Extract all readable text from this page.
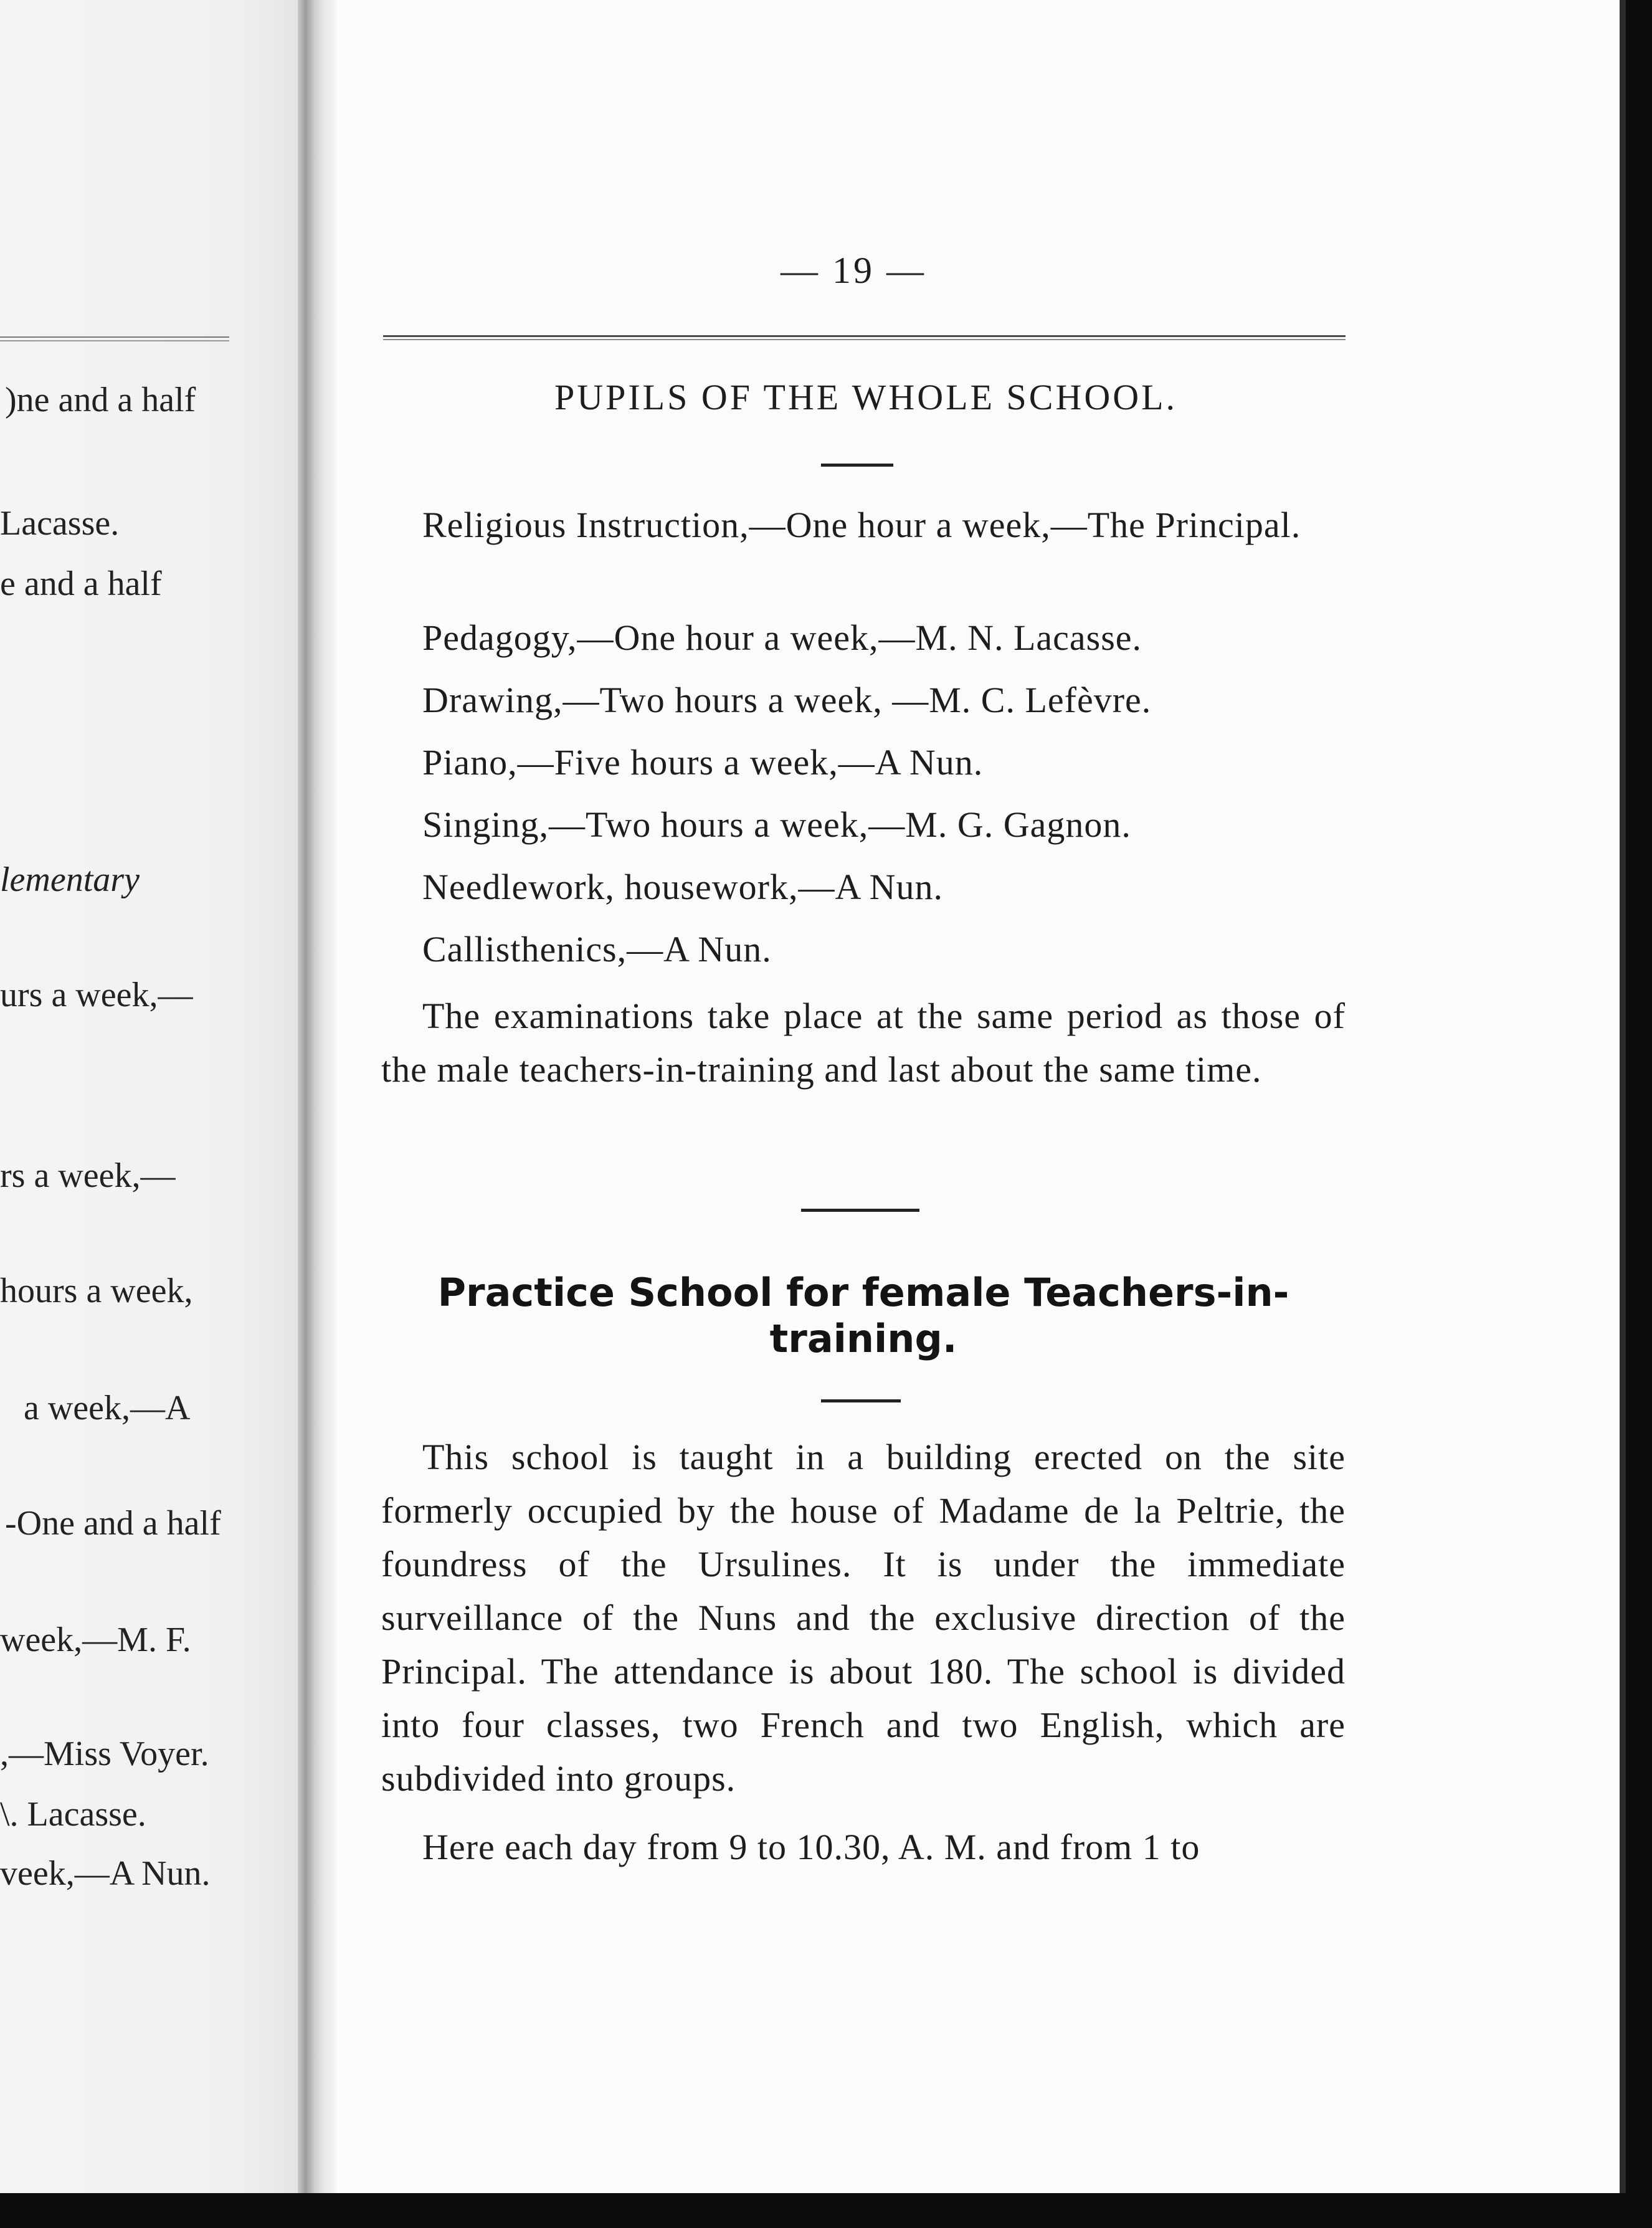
)ne and a half
Lacasse.
e and a half
lementary
urs a week,—
rs a week,—
hours a week,
a week,—A
-One and a half
week,—M. F.
,—Miss Voyer.
\. Lacasse.
veek,—A Nun.
— 19 —
PUPILS OF THE WHOLE SCHOOL.

Religious Instruction,—One hour a week,—The Principal.

Pedagogy,—One hour a week,—M. N. Lacasse.
Drawing,—Two hours a week, —M. C. Lefèvre.
Piano,—Five hours a week,—A Nun.
Singing,—Two hours a week,—M. G. Gagnon.
Needlework, housework,—A Nun.
Callisthenics,—A Nun.

The examinations take place at the same period as those of the male teachers-in-training and last about the same time.

Practice School for female Teachers-in-training.

This school is taught in a building erected on the site formerly occupied by the house of Madame de la Peltrie, the foundress of the Ursulines. It is under the immediate surveillance of the Nuns and the exclusive direction of the Principal. The attendance is about 180. The school is divided into four classes, two French and two English, which are subdivided into groups.

Here each day from 9 to 10.30, A. M. and from 1 to
